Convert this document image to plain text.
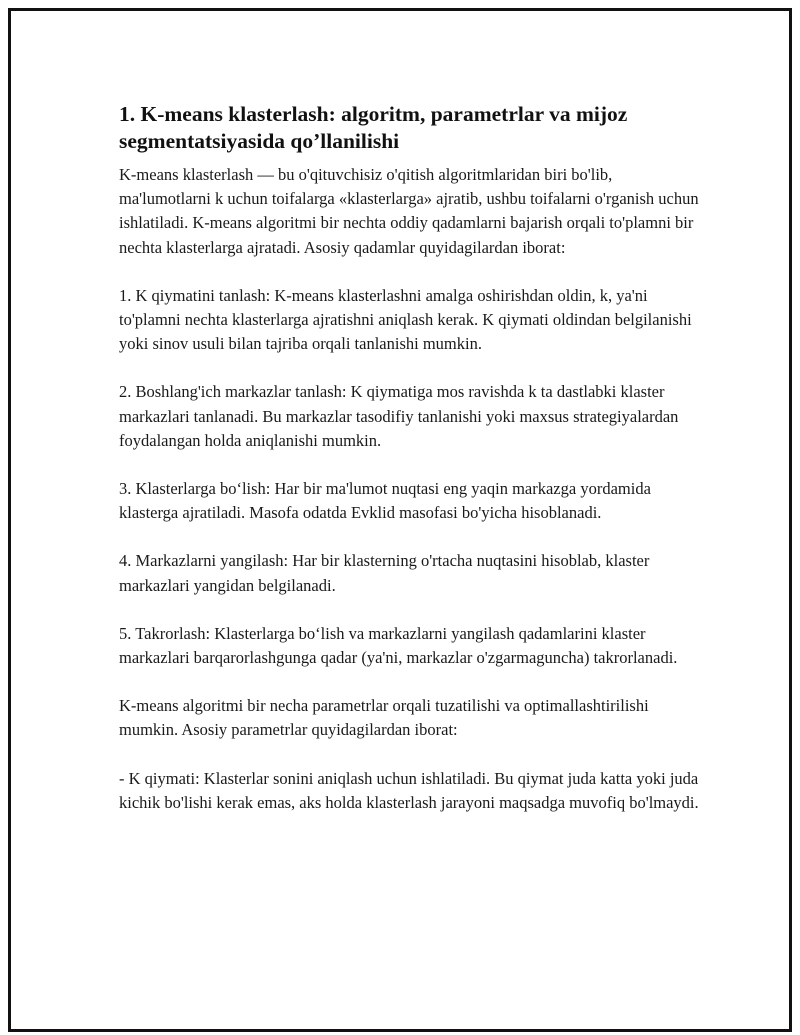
1. K-means klasterlash: algoritm, parametrlar va mijoz segmentatsiyasida qo’llanilishi

K-means klasterlash — bu o'qituvchisiz o'qitish algoritmlaridan biri bo'lib, ma'lumotlarni k uchun toifalarga «klasterlarga» ajratib, ushbu toifalarni o'rganish uchun ishlatiladi. K-means algoritmi bir nechta oddiy qadamlarni bajarish orqali to'plamni bir nechta klasterlarga ajratadi. Asosiy qadamlar quyidagilardan iborat:

1. K qiymatini tanlash: K-means klasterlashni amalga oshirishdan oldin, k, ya'ni to'plamni nechta klasterlarga ajratishni aniqlash kerak. K qiymati oldindan belgilanishi yoki sinov usuli bilan tajriba orqali tanlanishi mumkin.

2. Boshlang'ich markazlar tanlash: K qiymatiga mos ravishda k ta dastlabki klaster markazlari tanlanadi. Bu markazlar tasodifiy tanlanishi yoki maxsus strategiyalardan foydalangan holda aniqlanishi mumkin.

3. Klasterlarga bo‘lish: Har bir ma'lumot nuqtasi eng yaqin markazga yordamida klasterga ajratiladi. Masofa odatda Evklid masofasi bo'yicha hisoblanadi.

4. Markazlarni yangilash: Har bir klasterning o'rtacha nuqtasini hisoblab, klaster markazlari yangidan belgilanadi.

5. Takrorlash: Klasterlarga bo‘lish va markazlarni yangilash qadamlarini klaster markazlari barqarorlashgunga qadar (ya'ni, markazlar o'zgarmaguncha) takrorlanadi.

K-means algoritmi bir necha parametrlar orqali tuzatilishi va optimallashtirilishi mumkin. Asosiy parametrlar quyidagilardan iborat:

- K qiymati: Klasterlar sonini aniqlash uchun ishlatiladi. Bu qiymat juda katta yoki juda kichik bo'lishi kerak emas, aks holda klasterlash jarayoni maqsadga muvofiq bo'lmaydi.
